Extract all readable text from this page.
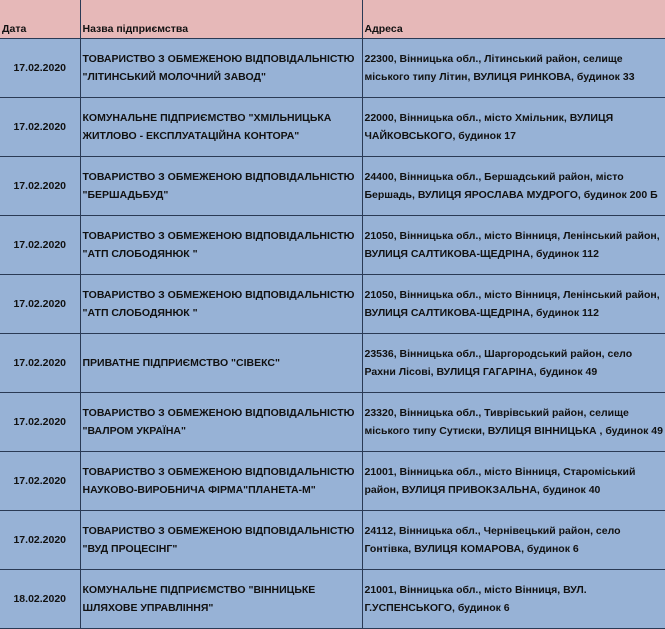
Дата	Назва підприємства	Адреса
17.02.2020	ТОВАРИСТВО З ОБМЕЖЕНОЮ ВІДПОВІДАЛЬНІСТЮ "ЛІТИНСЬКИЙ МОЛОЧНИЙ ЗАВОД"	22300, Вінницька обл., Літинський район, селище міського типу Літин, ВУЛИЦЯ РИНКОВА, будинок 33
17.02.2020	КОМУНАЛЬНЕ ПІДПРИЄМСТВО "ХМІЛЬНИЦЬКА ЖИТЛОВО - ЕКСПЛУАТАЦІЙНА КОНТОРА"	22000, Вінницька обл., місто Хмільник, ВУЛИЦЯ ЧАЙКОВСЬКОГО, будинок 17
17.02.2020	ТОВАРИСТВО З ОБМЕЖЕНОЮ ВІДПОВІДАЛЬНІСТЮ "БЕРШАДЬБУД"	24400, Вінницька обл., Бершадський район, місто Бершадь, ВУЛИЦЯ ЯРОСЛАВА МУДРОГО, будинок 200 Б
17.02.2020	ТОВАРИСТВО З ОБМЕЖЕНОЮ ВІДПОВІДАЛЬНІСТЮ "АТП СЛОБОДЯНЮК "	21050, Вінницька обл., місто Вінниця, Ленінський район, ВУЛИЦЯ САЛТИКОВА-ЩЕДРІНА, будинок 112
17.02.2020	ТОВАРИСТВО З ОБМЕЖЕНОЮ ВІДПОВІДАЛЬНІСТЮ "АТП СЛОБОДЯНЮК "	21050, Вінницька обл., місто Вінниця, Ленінський район, ВУЛИЦЯ САЛТИКОВА-ЩЕДРІНА, будинок 112
17.02.2020	ПРИВАТНЕ ПІДПРИЄМСТВО "СІВЕКС"	23536, Вінницька обл., Шаргородський район, село Рахни Лісові, ВУЛИЦЯ ГАГАРІНА, будинок 49
17.02.2020	ТОВАРИСТВО З ОБМЕЖЕНОЮ ВІДПОВІДАЛЬНІСТЮ "ВАЛРОМ УКРАЇНА"	23320, Вінницька обл., Тиврівський район, селище міського типу Сутиски, ВУЛИЦЯ ВІННИЦЬКА , будинок 49
17.02.2020	ТОВАРИСТВО З ОБМЕЖЕНОЮ ВІДПОВІДАЛЬНІСТЮ НАУКОВО-ВИРОБНИЧА ФІРМА"ПЛАНЕТА-М"	21001, Вінницька обл., місто Вінниця, Староміський район, ВУЛИЦЯ ПРИВОКЗАЛЬНА, будинок 40
17.02.2020	ТОВАРИСТВО З ОБМЕЖЕНОЮ ВІДПОВІДАЛЬНІСТЮ "ВУД ПРОЦЕСІНГ"	24112, Вінницька обл., Чернівецький район, село Гонтівка, ВУЛИЦЯ КОМАРОВА, будинок 6
18.02.2020	КОМУНАЛЬНЕ ПІДПРИЄМСТВО "ВІННИЦЬКЕ ШЛЯХОВЕ УПРАВЛІННЯ"	21001, Вінницька обл., місто Вінниця, ВУЛ. Г.УСПЕНСЬКОГО, будинок 6
